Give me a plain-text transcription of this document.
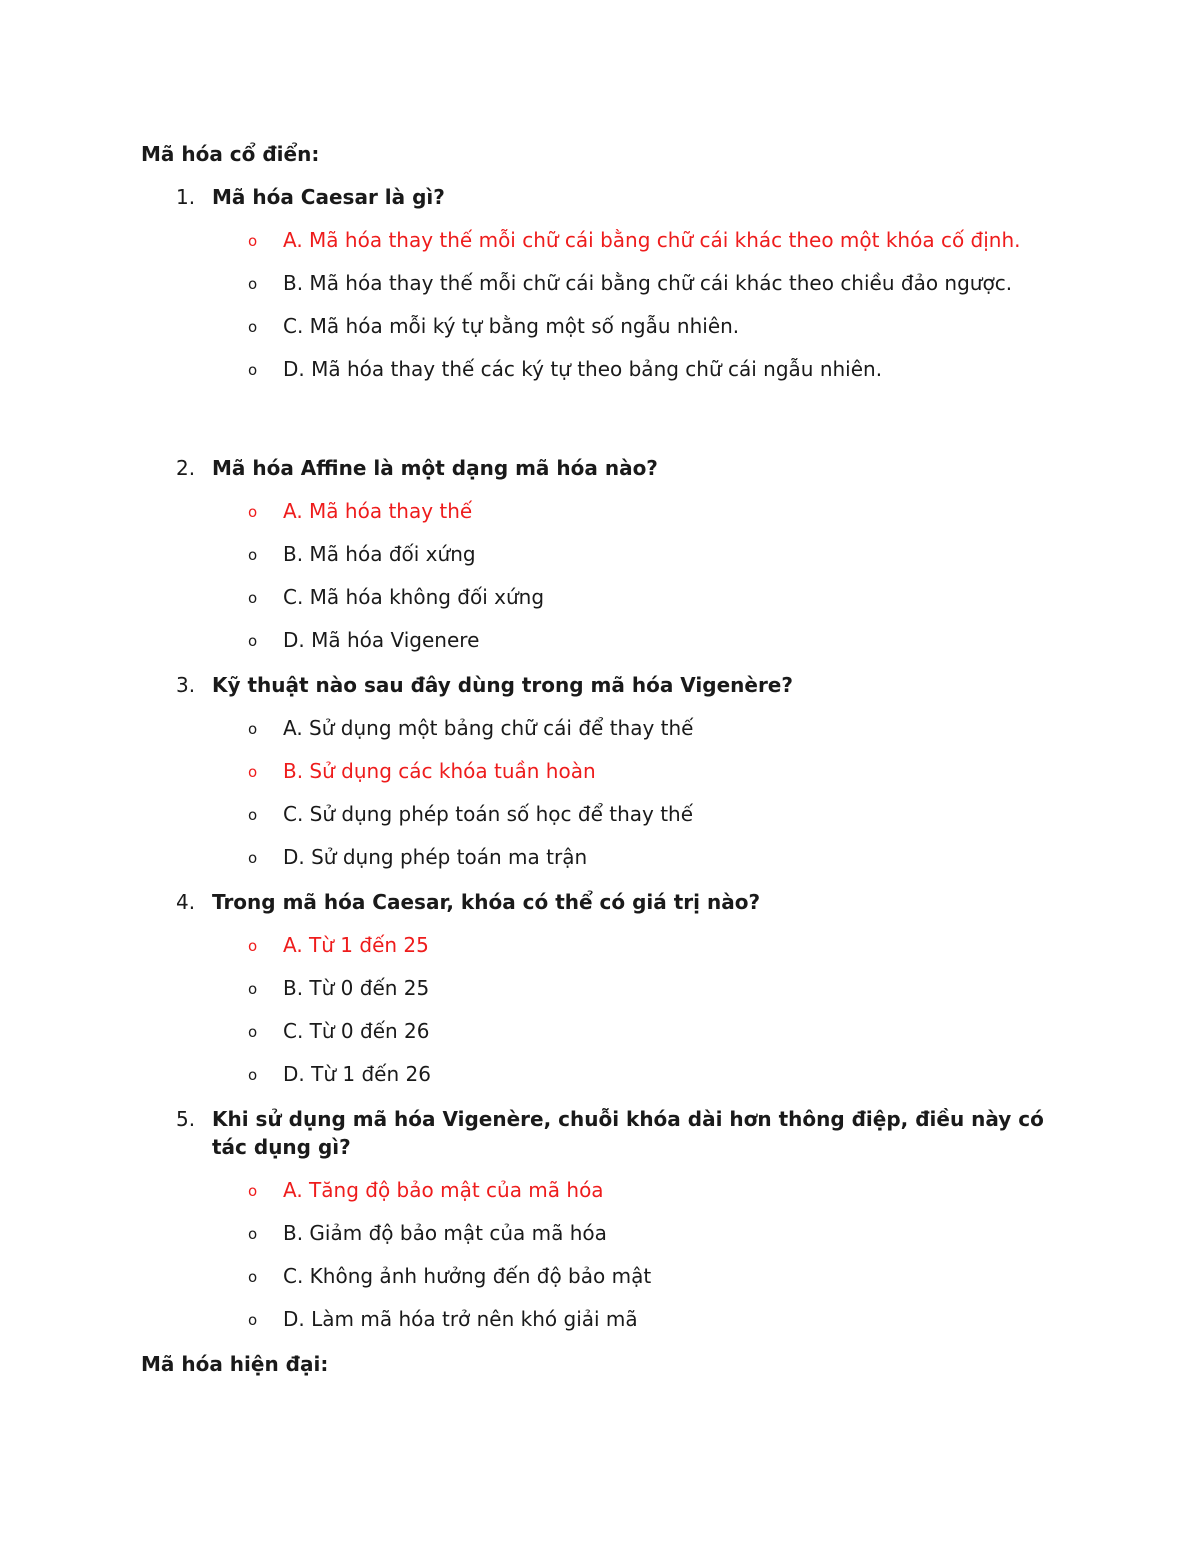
Mã hóa cổ điển:
1. Mã hóa Caesar là gì?
o A. Mã hóa thay thế mỗi chữ cái bằng chữ cái khác theo một khóa cố định.
o B. Mã hóa thay thế mỗi chữ cái bằng chữ cái khác theo chiều đảo ngược.
o C. Mã hóa mỗi ký tự bằng một số ngẫu nhiên.
o D. Mã hóa thay thế các ký tự theo bảng chữ cái ngẫu nhiên.
2. Mã hóa Affine là một dạng mã hóa nào?
o A. Mã hóa thay thế
o B. Mã hóa đối xứng
o C. Mã hóa không đối xứng
o D. Mã hóa Vigenere
3. Kỹ thuật nào sau đây dùng trong mã hóa Vigenère?
o A. Sử dụng một bảng chữ cái để thay thế
o B. Sử dụng các khóa tuần hoàn
o C. Sử dụng phép toán số học để thay thế
o D. Sử dụng phép toán ma trận
4. Trong mã hóa Caesar, khóa có thể có giá trị nào?
o A. Từ 1 đến 25
o B. Từ 0 đến 25
o C. Từ 0 đến 26
o D. Từ 1 đến 26
5. Khi sử dụng mã hóa Vigenère, chuỗi khóa dài hơn thông điệp, điều này có tác dụng gì?
o A. Tăng độ bảo mật của mã hóa
o B. Giảm độ bảo mật của mã hóa
o C. Không ảnh hưởng đến độ bảo mật
o D. Làm mã hóa trở nên khó giải mã
Mã hóa hiện đại:
